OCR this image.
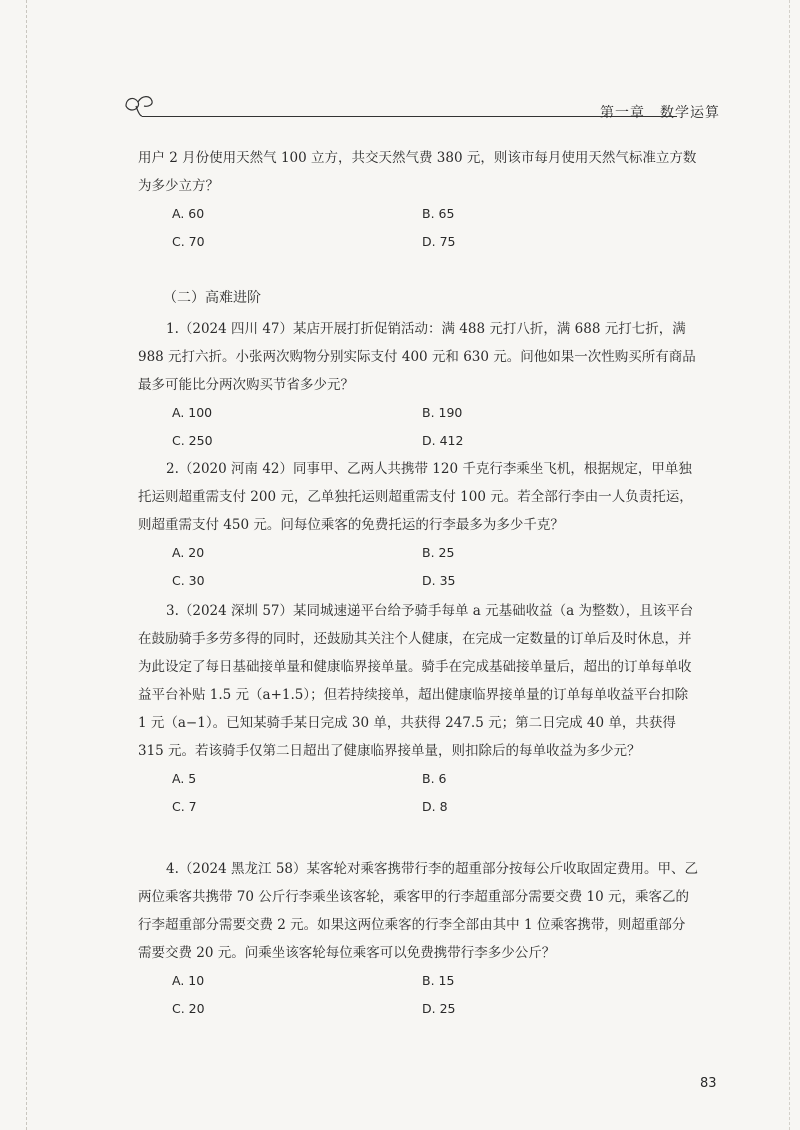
第一章　数学运算

用户 2 月份使用天然气 100 立方，共交天然气费 380 元，则该市每月使用天然气标准立方数为多少立方？

A. 60	B. 65
C. 70	D. 75
（二）高难进阶

1.（2024 四川 47）某店开展打折促销活动：满 488 元打八折，满 688 元打七折，满 988 元打六折。小张两次购物分别实际支付 400 元和 630 元。问他如果一次性购买所有商品最多可能比分两次购买节省多少元？

A. 100	B. 190
C. 250	D. 412

2.（2020 河南 42）同事甲、乙两人共携带 120 千克行李乘坐飞机，根据规定，甲单独托运则超重需支付 200 元，乙单独托运则超重需支付 100 元。若全部行李由一人负责托运，则超重需支付 450 元。问每位乘客的免费托运的行李最多为多少千克？

A. 20	B. 25
C. 30	D. 35

3.（2024 深圳 57）某同城速递平台给予骑手每单 a 元基础收益（a 为整数），且该平台在鼓励骑手多劳多得的同时，还鼓励其关注个人健康，在完成一定数量的订单后及时休息，并为此设定了每日基础接单量和健康临界接单量。骑手在完成基础接单量后，超出的订单每单收益平台补贴 1.5 元（a+1.5）；但若持续接单，超出健康临界接单量的订单每单收益平台扣除 1 元（a−1）。已知某骑手某日完成 30 单，共获得 247.5 元；第二日完成 40 单，共获得 315 元。若该骑手仅第二日超出了健康临界接单量，则扣除后的每单收益为多少元？

A. 5	B. 6
C. 7	D. 8

4.（2024 黑龙江 58）某客轮对乘客携带行李的超重部分按每公斤收取固定费用。甲、乙两位乘客共携带 70 公斤行李乘坐该客轮，乘客甲的行李超重部分需要交费 10 元，乘客乙的行李超重部分需要交费 2 元。如果这两位乘客的行李全部由其中 1 位乘客携带，则超重部分需要交费 20 元。问乘坐该客轮每位乘客可以免费携带行李多少公斤？

A. 10	B. 15
C. 20	D. 25
83
